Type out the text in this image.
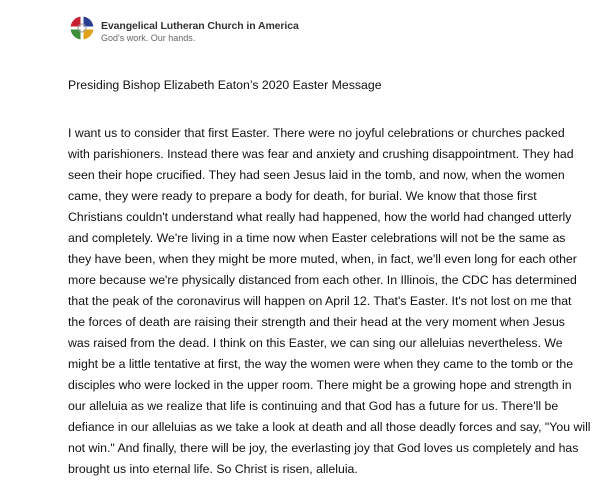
Evangelical Lutheran Church in America
God's work. Our hands.
Presiding Bishop Elizabeth Eaton’s 2020 Easter Message
I want us to consider that first Easter. There were no joyful celebrations or churches packed
with parishioners. Instead there was fear and anxiety and crushing disappointment. They had
seen their hope crucified. They had seen Jesus laid in the tomb, and now, when the women
came, they were ready to prepare a body for death, for burial. We know that those first
Christians couldn't understand what really had happened, how the world had changed utterly
and completely. We're living in a time now when Easter celebrations will not be the same as
they have been, when they might be more muted, when, in fact, we'll even long for each other
more because we're physically distanced from each other. In Illinois, the CDC has determined
that the peak of the coronavirus will happen on April 12. That's Easter. It's not lost on me that
the forces of death are raising their strength and their head at the very moment when Jesus
was raised from the dead. I think on this Easter, we can sing our alleluias nevertheless. We
might be a little tentative at first, the way the women were when they came to the tomb or the
disciples who were locked in the upper room. There might be a growing hope and strength in
our alleluia as we realize that life is continuing and that God has a future for us. There'll be
defiance in our alleluias as we take a look at death and all those deadly forces and say, "You will
not win." And finally, there will be joy, the everlasting joy that God loves us completely and has
brought us into eternal life. So Christ is risen, alleluia.
